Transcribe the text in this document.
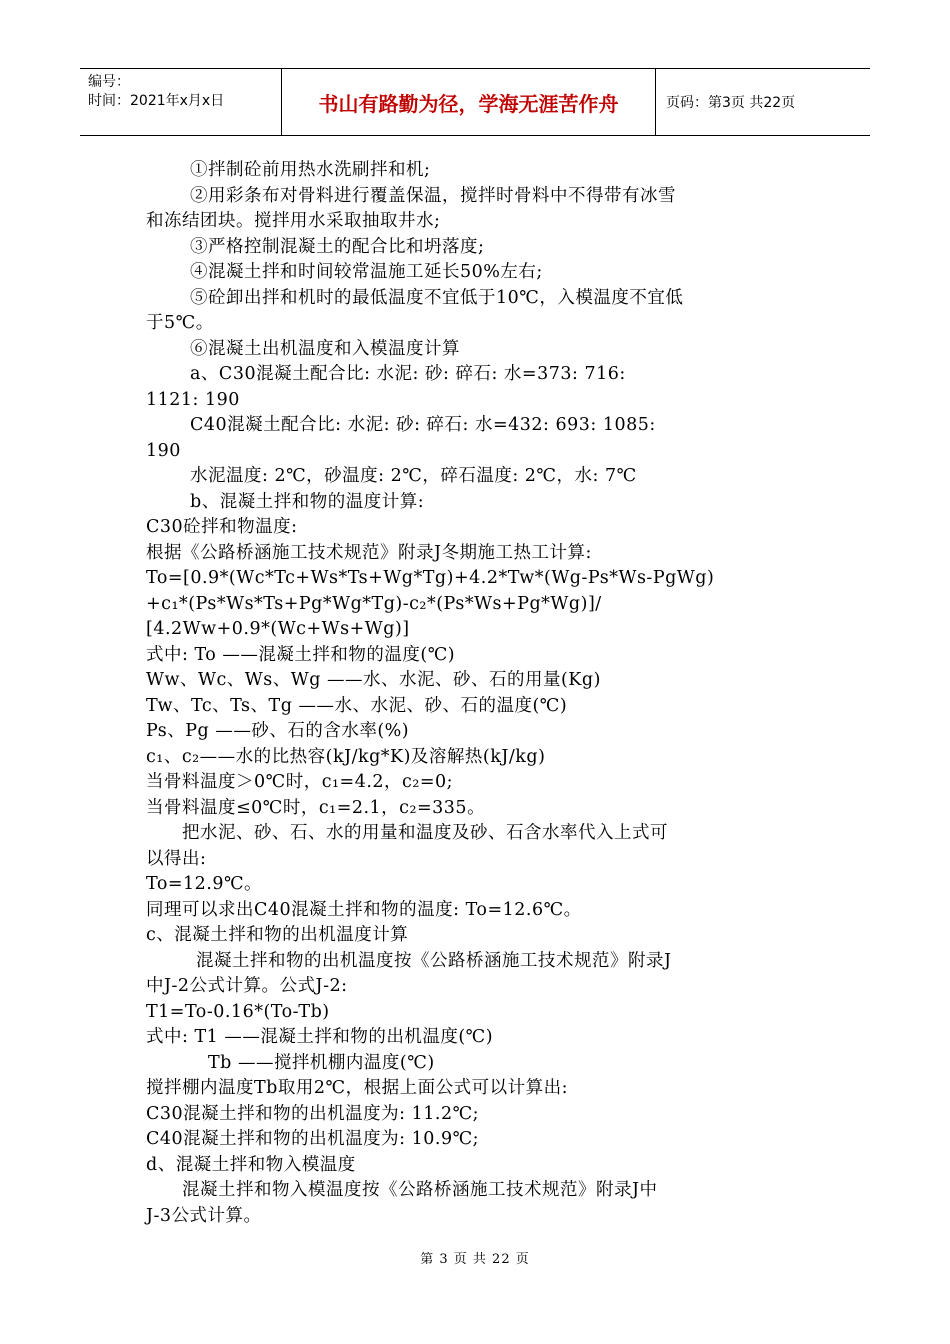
编号：
时间：2021年x月x日	书山有路勤为径，学海无涯苦作舟	页码：第3页 共22页

①拌制砼前用热水洗刷拌和机;

②用彩条布对骨料进行覆盖保温，搅拌时骨料中不得带有冰雪

和冻结团块。搅拌用水采取抽取井水;

③严格控制混凝土的配合比和坍落度;

④混凝土拌和时间较常温施工延长50%左右;

⑤砼卸出拌和机时的最低温度不宜低于10℃，入模温度不宜低

于5℃。

⑥混凝土出机温度和入模温度计算

a、C30混凝土配合比: 水泥: 砂: 碎石: 水=373: 716:

1121: 190

C40混凝土配合比: 水泥: 砂: 碎石: 水=432: 693: 1085:

190

水泥温度: 2℃，砂温度: 2℃，碎石温度: 2℃，水: 7℃

b、混凝土拌和物的温度计算:

C30砼拌和物温度:

根据《公路桥涵施工技术规范》附录J冬期施工热工计算:

To=[0.9*(Wc*Tc+Ws*Ts+Wg*Tg)+4.2*Tw*(Wg-Ps*Ws-PgWg)

+c₁*(Ps*Ws*Ts+Pg*Wg*Tg)-c₂*(Ps*Ws+Pg*Wg)]/

[4.2Ww+0.9*(Wc+Ws+Wg)]

式中: To ——混凝土拌和物的温度(℃)

Ww、Wc、Ws、Wg ——水、水泥、砂、石的用量(Kg)

Tw、Tc、Ts、Tg ——水、水泥、砂、石的温度(℃)

Ps、Pg ——砂、石的含水率(%)

c₁、c₂——水的比热容(kJ/kg*K)及溶解热(kJ/kg)

当骨料温度＞0℃时，c₁=4.2，c₂=0;

当骨料温度≤0℃时，c₁=2.1，c₂=335。

把水泥、砂、石、水的用量和温度及砂、石含水率代入上式可

以得出:

To=12.9℃。

同理可以求出C40混凝土拌和物的温度: To=12.6℃。

c、混凝土拌和物的出机温度计算

混凝土拌和物的出机温度按《公路桥涵施工技术规范》附录J

中J-2公式计算。公式J-2:

T1=To-0.16*(To-Tb)

式中: T1 ——混凝土拌和物的出机温度(℃)

Tb ——搅拌机棚内温度(℃)

搅拌棚内温度Tb取用2℃，根据上面公式可以计算出:

C30混凝土拌和物的出机温度为: 11.2℃;

C40混凝土拌和物的出机温度为: 10.9℃;

d、混凝土拌和物入模温度

混凝土拌和物入模温度按《公路桥涵施工技术规范》附录J中

J-3公式计算。

第 3 页 共 22 页
